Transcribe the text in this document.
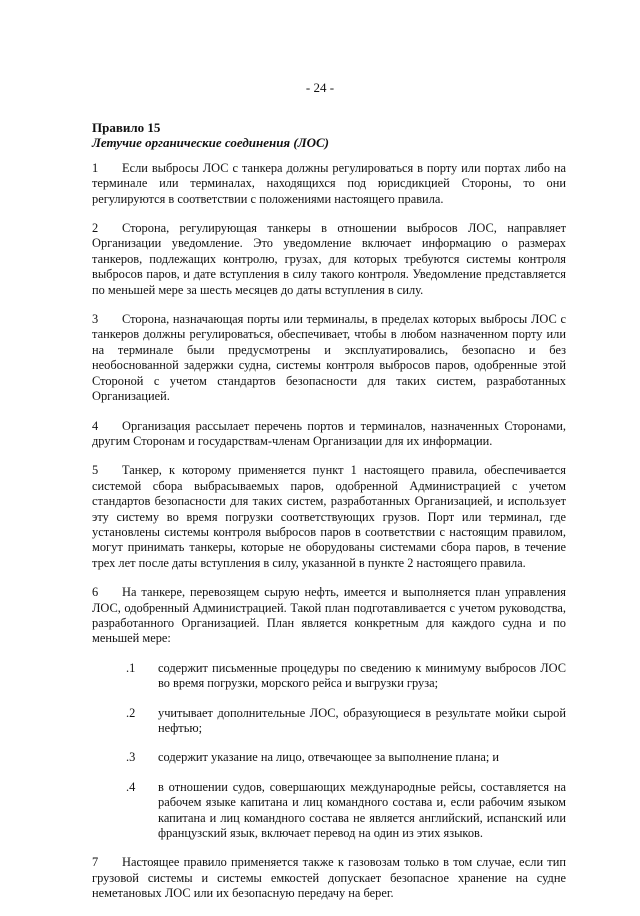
- 24 -

Правило 15

Летучие органические соединения (ЛОС)

1 Если выбросы ЛОС с танкера должны регулироваться в порту или портах либо на терминале или терминалах, находящихся под юрисдикцией Стороны, то они регулируются в соответствии с положениями настоящего правила.

2 Сторона, регулирующая танкеры в отношении выбросов ЛОС, направляет Организации уведомление. Это уведомление включает информацию о размерах танкеров, подлежащих контролю, грузах, для которых требуются системы контроля выбросов паров, и дате вступления в силу такого контроля. Уведомление представляется по меньшей мере за шесть месяцев до даты вступления в силу.

3 Сторона, назначающая порты или терминалы, в пределах которых выбросы ЛОС с танкеров должны регулироваться, обеспечивает, чтобы в любом назначенном порту или на терминале были предусмотрены и эксплуатировались, безопасно и без необоснованной задержки судна, системы контроля выбросов паров, одобренные этой Стороной с учетом стандартов безопасности для таких систем, разработанных Организацией.

4 Организация рассылает перечень портов и терминалов, назначенных Сторонами, другим Сторонам и государствам-членам Организации для их информации.

5 Танкер, к которому применяется пункт 1 настоящего правила, обеспечивается системой сбора выбрасываемых паров, одобренной Администрацией с учетом стандартов безопасности для таких систем, разработанных Организацией, и использует эту систему во время погрузки соответствующих грузов. Порт или терминал, где установлены системы контроля выбросов паров в соответствии с настоящим правилом, могут принимать танкеры, которые не оборудованы системами сбора паров, в течение трех лет после даты вступления в силу, указанной в пункте 2 настоящего правила.

6 На танкере, перевозящем сырую нефть, имеется и выполняется план управления ЛОС, одобренный Администрацией. Такой план подготавливается с учетом руководства, разработанного Организацией. План является конкретным для каждого судна и по меньшей мере:

.1 содержит письменные процедуры по сведению к минимуму выбросов ЛОС во время погрузки, морского рейса и выгрузки груза;

.2 учитывает дополнительные ЛОС, образующиеся в результате мойки сырой нефтью;

.3 содержит указание на лицо, отвечающее за выполнение плана; и

.4 в отношении судов, совершающих международные рейсы, составляется на рабочем языке капитана и лиц командного состава и, если рабочим языком капитана и лиц командного состава не является английский, испанский или французский язык, включает перевод на один из этих языков.

7 Настоящее правило применяется также к газовозам только в том случае, если тип грузовой системы и системы емкостей допускает безопасное хранение на судне неметановых ЛОС или их безопасную передачу на берег.
